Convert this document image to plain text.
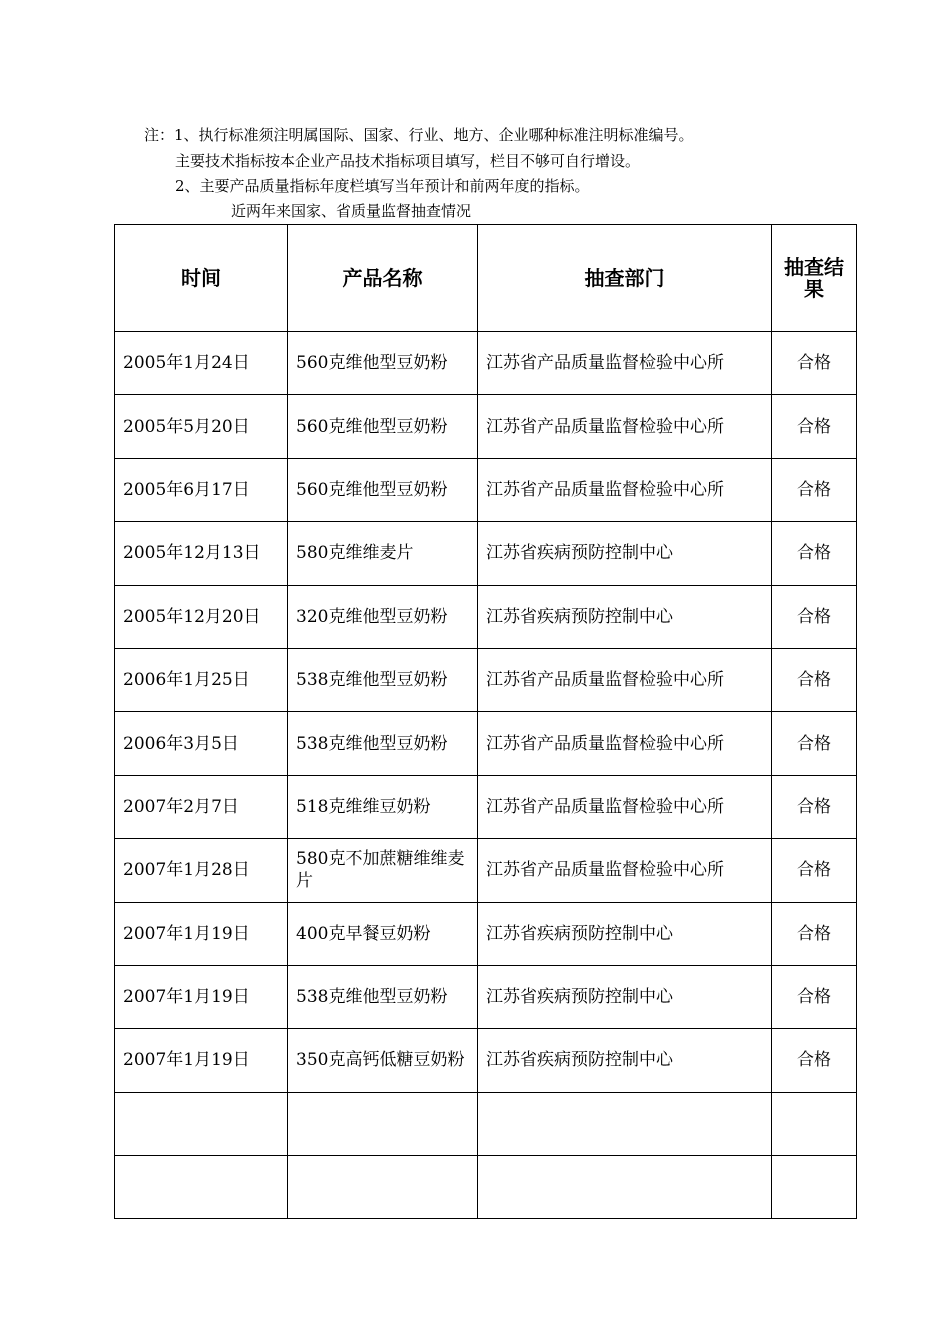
注：1、执行标准须注明属国际、国家、行业、地方、企业哪种标准注明标准编号。
主要技术指标按本企业产品技术指标项目填写，栏目不够可自行增设。
2、主要产品质量指标年度栏填写当年预计和前两年度的指标。
近两年来国家、省质量监督抽查情况
时间	产品名称	抽查部门	抽查结果
2005年1月24日	560克维他型豆奶粉	江苏省产品质量监督检验中心所	合格
2005年5月20日	560克维他型豆奶粉	江苏省产品质量监督检验中心所	合格
2005年6月17日	560克维他型豆奶粉	江苏省产品质量监督检验中心所	合格
2005年12月13日	580克维维麦片	江苏省疾病预防控制中心	合格
2005年12月20日	320克维他型豆奶粉	江苏省疾病预防控制中心	合格
2006年1月25日	538克维他型豆奶粉	江苏省产品质量监督检验中心所	合格
2006年3月5日	538克维他型豆奶粉	江苏省产品质量监督检验中心所	合格
2007年2月7日	518克维维豆奶粉	江苏省产品质量监督检验中心所	合格
2007年1月28日	580克不加蔗糖维维麦片	江苏省产品质量监督检验中心所	合格
2007年1月19日	400克早餐豆奶粉	江苏省疾病预防控制中心	合格
2007年1月19日	538克维他型豆奶粉	江苏省疾病预防控制中心	合格
2007年1月19日	350克高钙低糖豆奶粉	江苏省疾病预防控制中心	合格
